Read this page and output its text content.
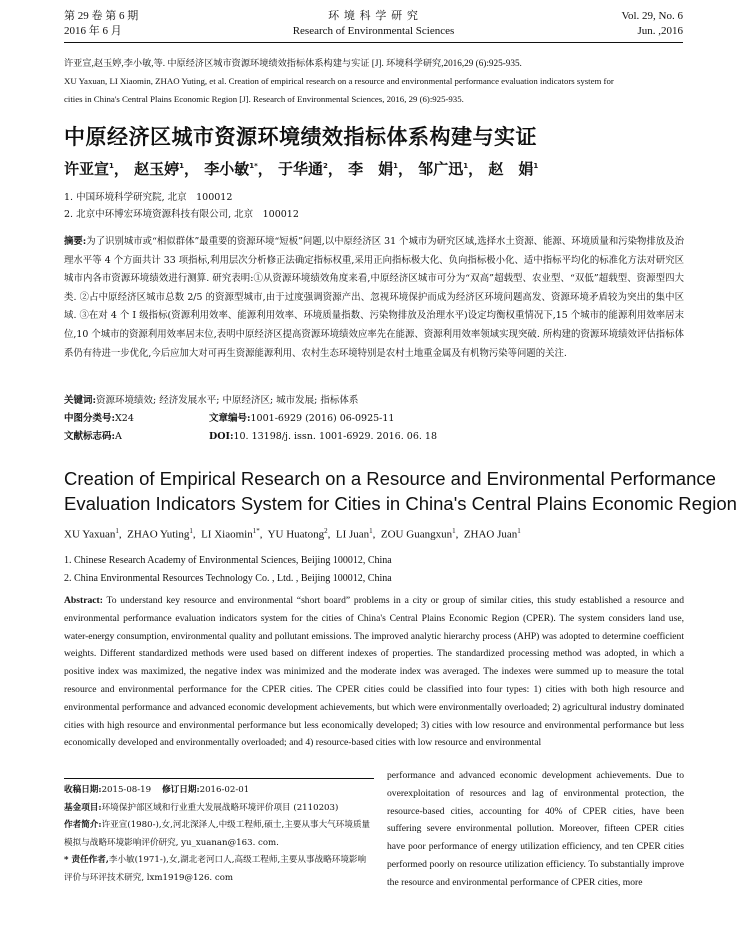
第 29 卷 第 6 期
2016 年 6 月
环 境 科 学 研 究
Research of Environmental Sciences
Vol. 29, No. 6
Jun. ,2016
许亚宣,赵玉婷,李小敏,等. 中原经济区城市资源环境绩效指标体系构建与实证 [J]. 环境科学研究,2016,29 (6):925-935.
XU Yaxuan, LI Xiaomin, ZHAO Yuting, et al. Creation of empirical research on a resource and environmental performance evaluation indicators system for
cities in China's Central Plains Economic Region [J]. Research of Environmental Sciences, 2016, 29 (6):925-935.
中原经济区城市资源环境绩效指标体系构建与实证
许亚宣$^1$， 赵玉婷$^1$， 李小敏$^{1*}$， 于华通$^2$， 李　娟$^1$， 邹广迅$^1$， 赵　娟$^1$
1. 中国环境科学研究院, 北京　100012
2. 北京中环博宏环境资源科技有限公司, 北京　100012
摘要:为了识别城市或“相似群体”最重要的资源环境“短板”问题,以中原经济区 31 个城市为研究区域,选择水土资源、能源、环境质量和污染物排放及治理水平等 4 个方面共计 33 项指标,利用层次分析修正法确定指标权重,采用正向指标极大化、负向指标极小化、适中指标平均化的标准化方法对研究区城市内各市资源环境绩效进行测算. 研究表明:①从资源环境绩效角度来看,中原经济区城市可分为“双高”超载型、农业型、“双低”超载型、资源型四大类. ②占中原经济区城市总数 2/5 的资源型城市,由于过度强调资源产出、忽视环境保护而成为经济区环境问题高发、资源环境矛盾较为突出的集中区域. ③在对 4 个 Ⅰ 级指标(资源利用效率、能源利用效率、环境质量指数、污染物排放及治理水平)设定均衡权重情况下,15 个城市的能源利用效率居末位,10 个城市的资源利用效率居末位,表明中原经济区提高资源环境绩效应率先在能源、资源利用效率领域实现突破. 所构建的资源环境绩效评估指标体系仍有待进一步优化,今后应加大对可再生资源能源利用、农村生态环境特别是农村土地重金属及有机物污染等问题的关注.
关键词:资源环境绩效; 经济发展水平; 中原经济区; 城市发展; 指标体系
中图分类号:X24	文章编号:1001-6929 (2016) 06-0925-11
文献标志码:A	DOI:10. 13198/j. issn. 1001-6929. 2016. 06. 18
Creation of Empirical Research on a Resource and Environmental Performance
Evaluation Indicators System for Cities in China's Central Plains Economic Region
XU Yaxuan$^1$,  ZHAO Yuting$^1$,  LI Xiaomin$^{1*}$,  YU Huatong$^2$,  LI Juan$^1$,  ZOU Guangxun$^1$,  ZHAO Juan$^1$
1. Chinese Research Academy of Environmental Sciences, Beijing 100012, China
2. China Environmental Resources Technology Co. , Ltd. , Beijing 100012, China
Abstract: To understand key resource and environmental “short board” problems in a city or group of similar cities, this study established a resource and environmental performance evaluation indicators system for the cities of China's Central Plains Economic Region (CPER). The system considers land use, water-energy consumption, environmental quality and pollutant emissions. The improved analytic hierarchy process (AHP) was adopted to determine coefficient weights. Different standardized methods were used based on different indexes of properties. The standardized processing method was adopted, in which a positive index was maximized, the negative index was minimized and the moderate index was averaged. The indexes were summed up to measure the total resource and environmental performance for the CPER cities. The CPER cities could be classified into four types: 1) cities with both high resource and environmental performance and advanced economic development achievements, but which were environmentally overloaded; 2) agricultural industry dominated cities with high resource and environmental performance but less economically developed; 3) cities with low resource and environmental performance but less economically developed and environmentally overloaded; and 4) resource-based cities with low resource and environmental
收稿日期:2015-08-19 修订日期:2016-02-01
基金项目:环境保护部区域和行业重大发展战略环境评价项目 (2110203)
作者简介:许亚宣(1980-),女,河北深泽人,中级工程师,硕士,主要从事大气环境质量模拟与战略环境影响评价研究, yu_xuanan@163. com.
* 责任作者,李小敏(1971-),女,湖北老河口人,高级工程师,主要从事战略环境影响评价与环评技术研究, lxm1919@126. com
performance and advanced economic development achievements. Due to overexploitation of resources and lag of environmental protection, the resource-based cities, accounting for 40% of CPER cities, have been suffering severe environmental pollution. Moreover, fifteen CPER cities have poor performance of energy utilization efficiency, and ten CPER cities performed poorly on resource utilization efficiency. To substantially improve the resource and environmental performance of CPER cities, more
